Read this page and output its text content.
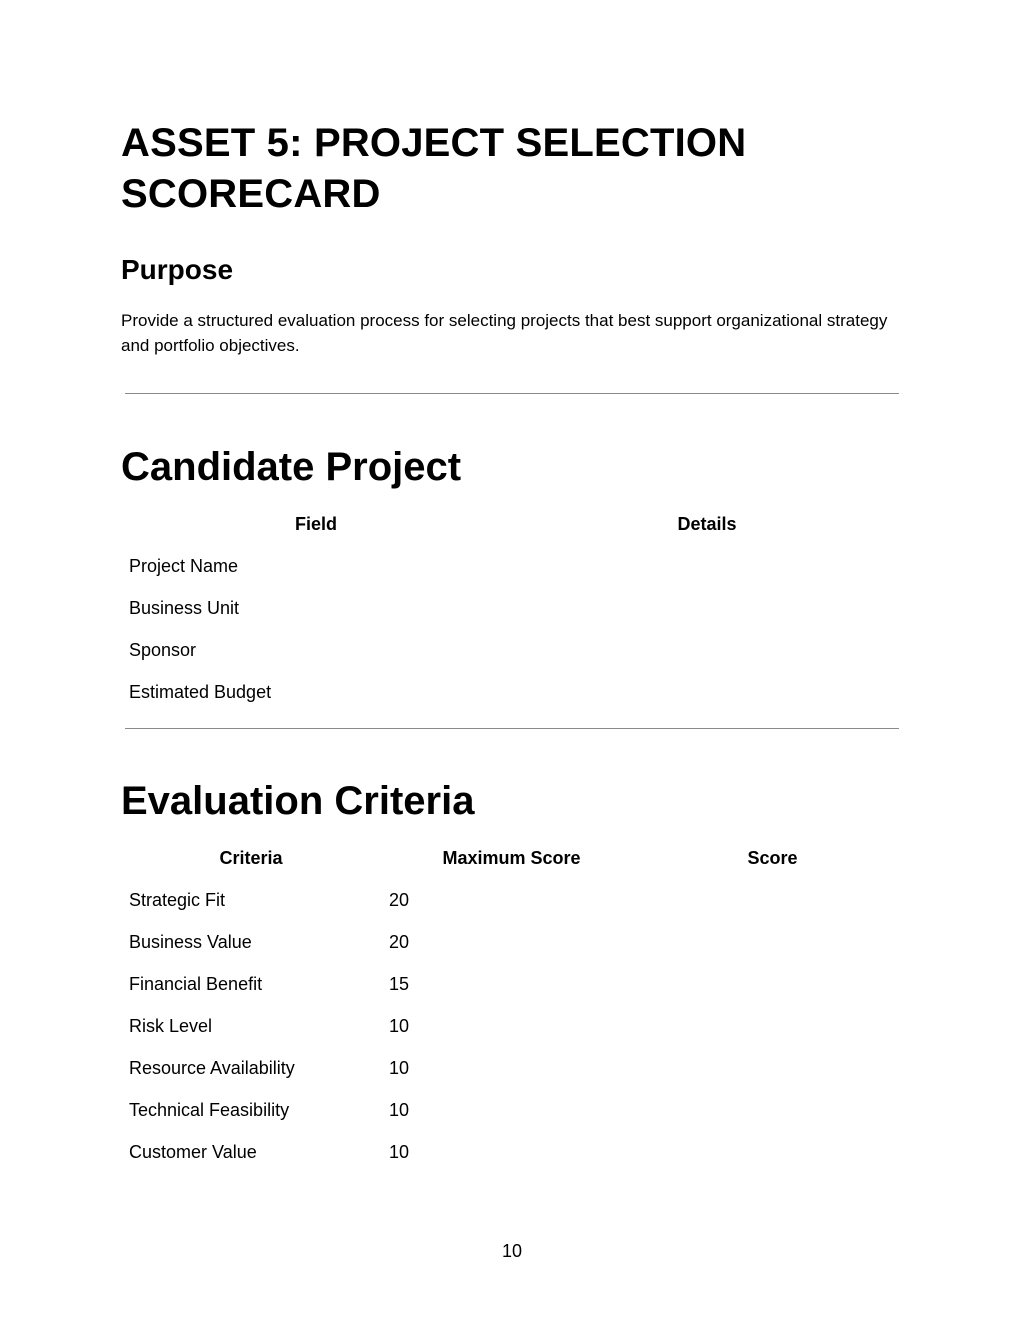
ASSET 5: PROJECT SELECTION SCORECARD
Purpose

Provide a structured evaluation process for selecting projects that best support organizational strategy and portfolio objectives.

Candidate Project
Field	Details
Project Name	
Business Unit	
Sponsor	
Estimated Budget	
Evaluation Criteria
Criteria	Maximum Score	Score
Strategic Fit	20	
Business Value	20	
Financial Benefit	15	
Risk Level	10	
Resource Availability	10	
Technical Feasibility	10	
Customer Value	10	
10
